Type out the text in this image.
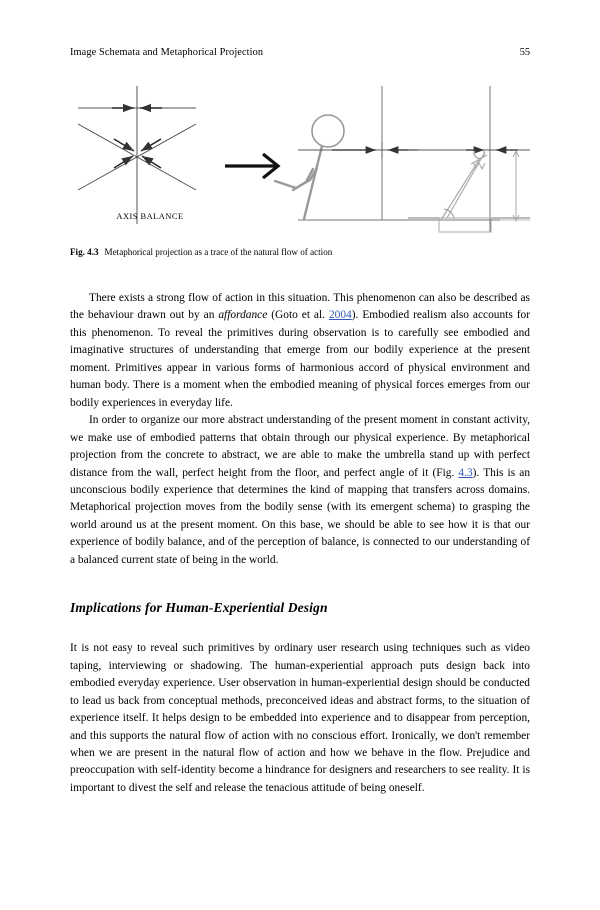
Image Schemata and Metaphorical Projection	55
AXIS BALANCE
Fig. 4.3 Metaphorical projection as a trace of the natural flow of action

There exists a strong flow of action in this situation. This phenomenon can also be described as the behaviour drawn out by an affordance (Goto et al. 2004). Embodied realism also accounts for this phenomenon. To reveal the primitives during observation is to carefully see embodied and imaginative structures of understanding that emerge from our bodily experience at the present moment. Primitives appear in various forms of harmonious accord of physical environment and human body. There is a moment when the embodied meaning of physical forces emerges from our bodily experiences in everyday life.

In order to organize our more abstract understanding of the present moment in constant activity, we make use of embodied patterns that obtain through our physical experience. By metaphorical projection from the concrete to abstract, we are able to make the umbrella stand up with perfect distance from the wall, perfect height from the floor, and perfect angle of it (Fig. 4.3). This is an unconscious bodily experience that determines the kind of mapping that transfers across domains. Metaphorical projection moves from the bodily sense (with its emergent schema) to grasping the world around us at the present moment. On this base, we should be able to see how it is that our experience of bodily balance, and of the perception of balance, is connected to our understanding of a balanced current state of being in the world.

Implications for Human-Experiential Design

It is not easy to reveal such primitives by ordinary user research using techniques such as video taping, interviewing or shadowing. The human-experiential approach puts design back into embodied everyday experience. User observation in human-experiential design should be conducted to lead us back from conceptual methods, preconceived ideas and abstract forms, to the situation of experience itself. It helps design to be embedded into experience and to disappear from perception, and this supports the natural flow of action with no conscious effort. Ironically, we don't remember when we are present in the natural flow of action and how we behave in the flow. Prejudice and preoccupation with self-identity become a hindrance for designers and researchers to see reality. It is important to divest the self and release the tenacious attitude of being oneself.
